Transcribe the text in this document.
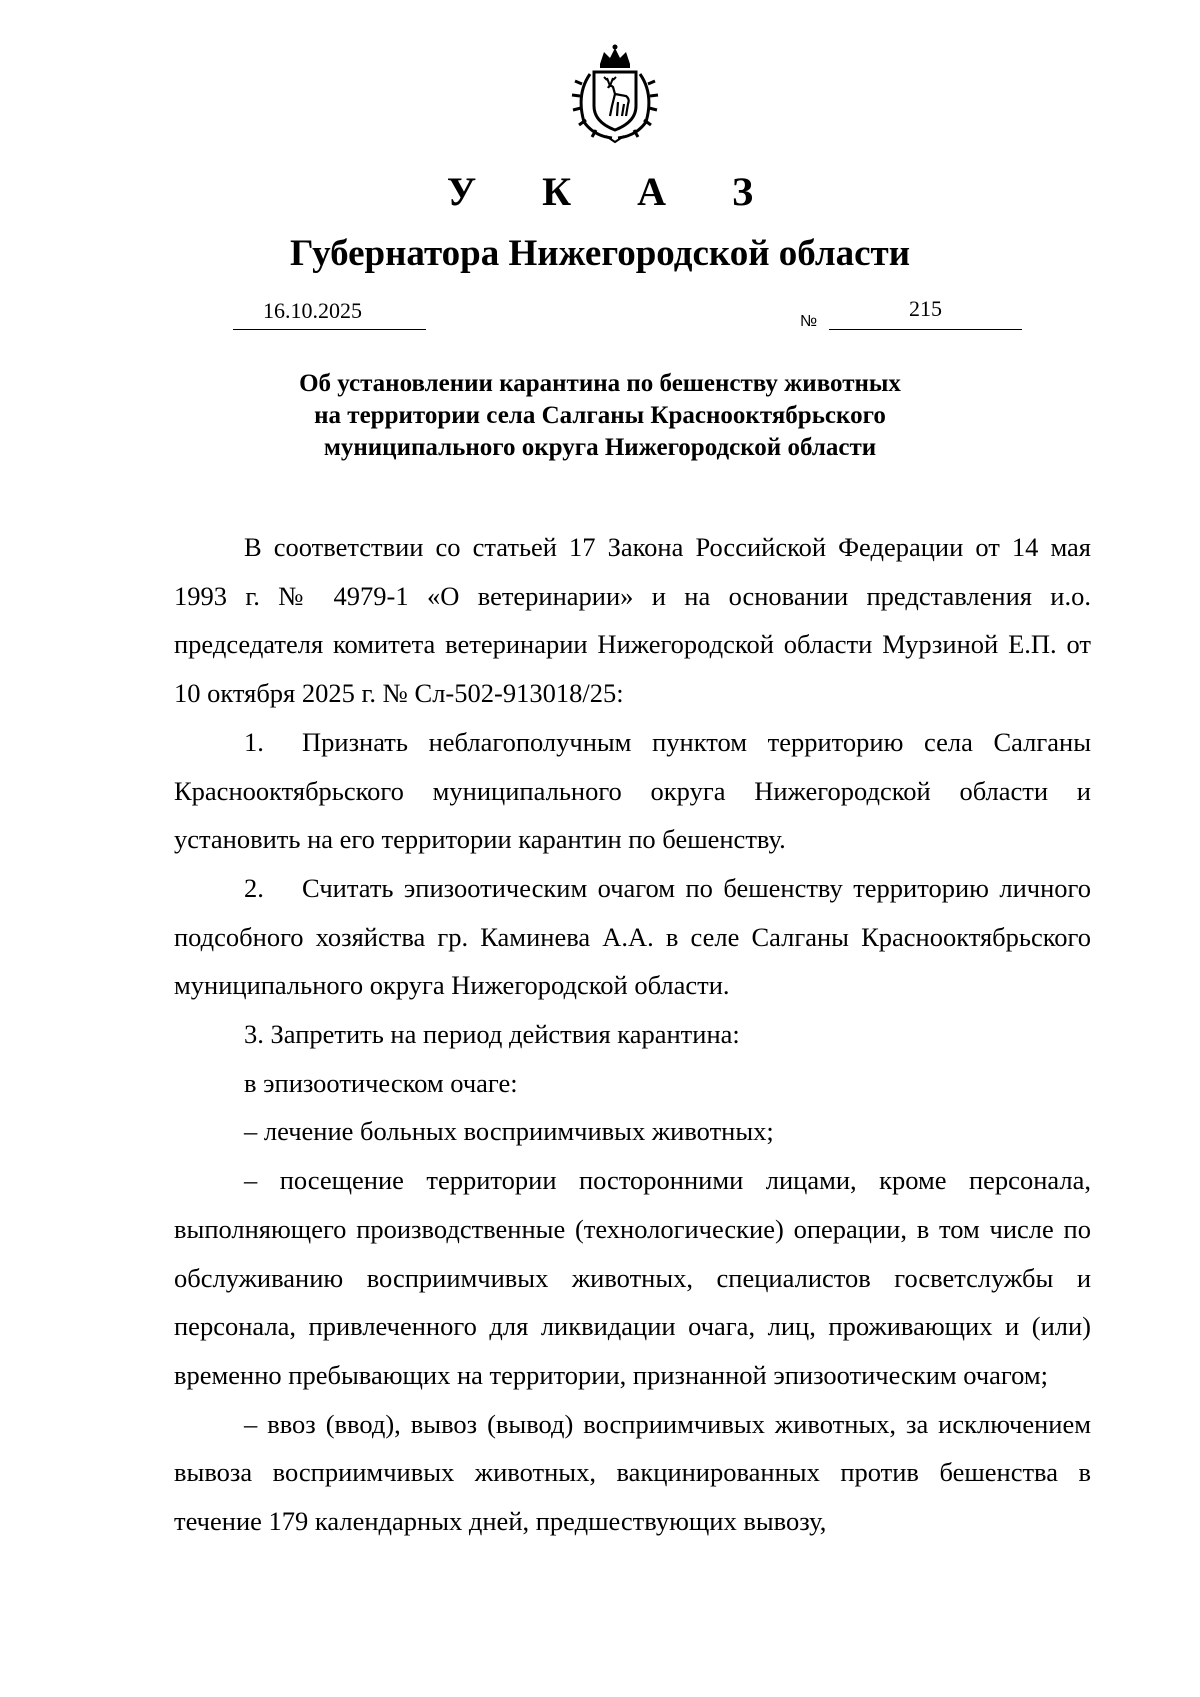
У К А З
Губернатора Нижегородской области
16.10.2025	№
215
Об установлении карантина по бешенству животных
на территории села Салганы Краснооктябрьского
муниципального округа Нижегородской области

В соответствии со статьей 17 Закона Российской Федерации от 14 мая 1993 г. № 4979-1 «О ветеринарии» и на основании представления и.о. председателя комитета ветеринарии Нижегородской области Мурзиной Е.П. от 10 октября 2025 г. № Сл-502-913018/25:

1. Признать неблагополучным пунктом территорию села Салганы Краснооктябрьского муниципального округа Нижегородской области и установить на его территории карантин по бешенству.

2. Считать эпизоотическим очагом по бешенству территорию личного подсобного хозяйства гр. Каминева А.А. в селе Салганы Краснооктябрьского муниципального округа Нижегородской области.

3. Запретить на период действия карантина:

в эпизоотическом очаге:

– лечение больных восприимчивых животных;

– посещение территории посторонними лицами, кроме персонала, выполняющего производственные (технологические) операции, в том числе по обслуживанию восприимчивых животных, специалистов госветслужбы и персонала, привлеченного для ликвидации очага, лиц, проживающих и (или) временно пребывающих на территории, признанной эпизоотическим очагом;

– ввоз (ввод), вывоз (вывод) восприимчивых животных, за исключением вывоза восприимчивых животных, вакцинированных против бешенства в течение 179 календарных дней, предшествующих вывозу,
